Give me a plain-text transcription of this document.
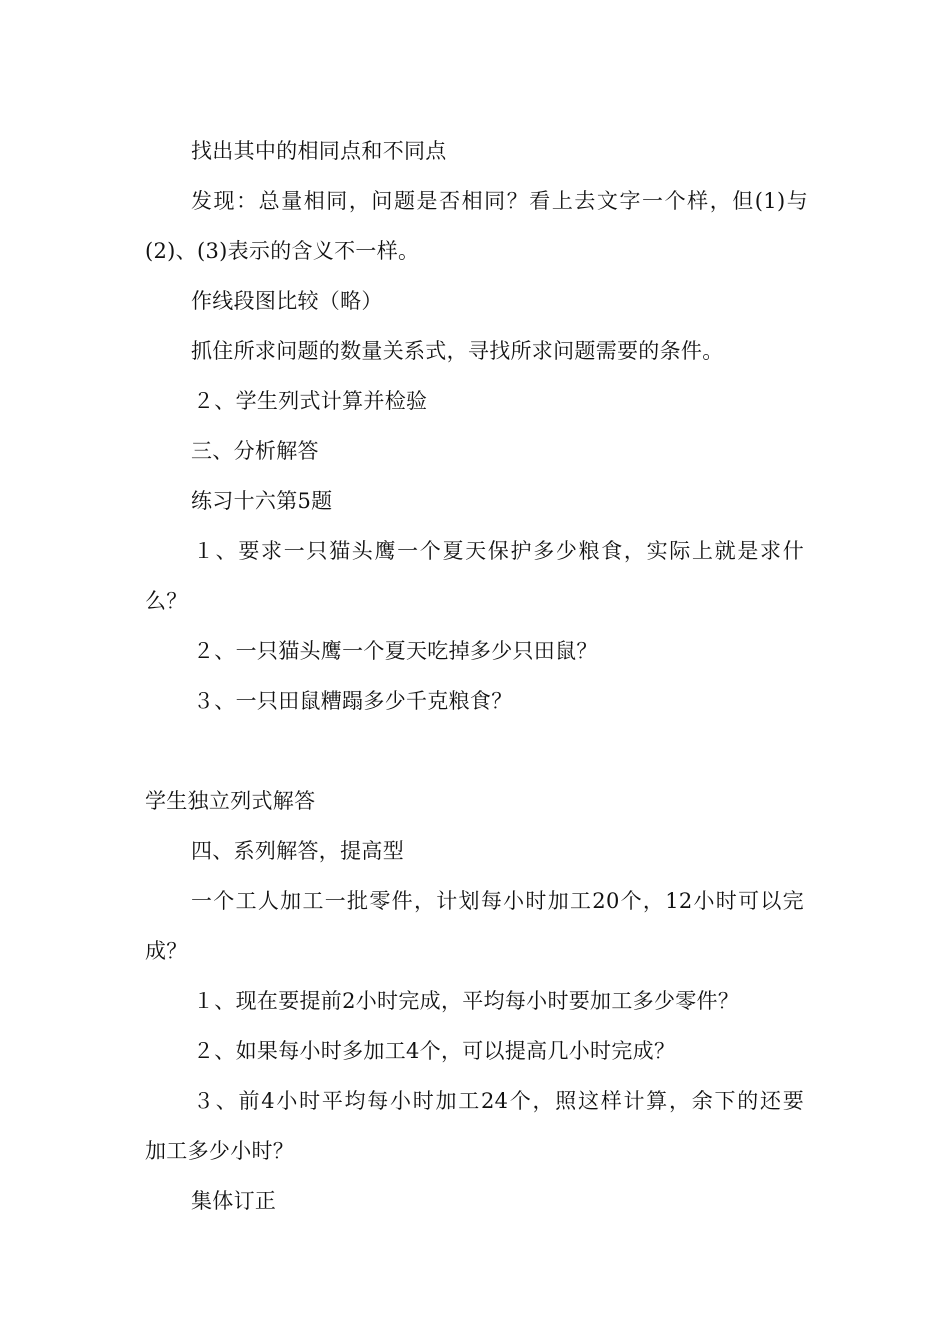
找出其中的相同点和不同点
发现：总量相同，问题是否相同？看上去文字一个样，但(1)与
(2)、(3)表示的含义不一样。
作线段图比较（略）
抓住所求问题的数量关系式，寻找所求问题需要的条件。
２、学生列式计算并检验
三、分析解答
练习十六第5题
１、要求一只猫头鹰一个夏天保护多少粮食，实际上就是求什
么？
２、一只猫头鹰一个夏天吃掉多少只田鼠？
３、一只田鼠糟蹋多少千克粮食？
学生独立列式解答
四、系列解答，提高型
一个工人加工一批零件，计划每小时加工20个，12小时可以完
成？
１、现在要提前2小时完成，平均每小时要加工多少零件？
２、如果每小时多加工4个，可以提高几小时完成？
３、前4小时平均每小时加工24个，照这样计算，余下的还要
加工多少小时？
集体订正
